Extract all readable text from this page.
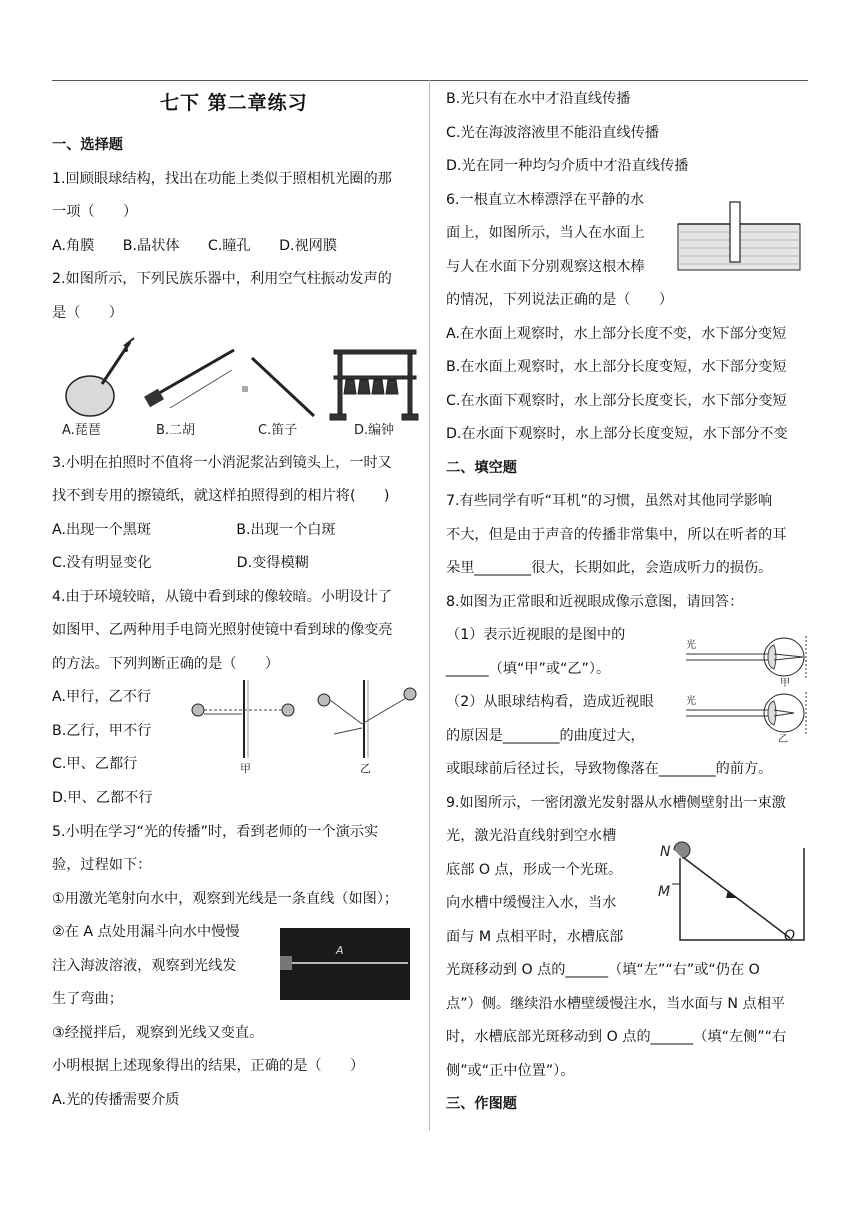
七下 第二章练习
一、选择题
1.回顾眼球结构，找出在功能上类似于照相机光圈的那
一项（　　）
A.角膜　　B.晶状体　　C.瞳孔　　D.视网膜
2.如图所示，下列民族乐器中，利用空气柱振动发声的
是（　　）
A.琵琶	B.二胡	C.笛子	D.编钟
3.小明在拍照时不值将一小消泥浆沾到镜头上，一时又
找不到专用的擦镜纸，就这样拍照得到的相片将(　　)
A.出现一个黑斑　　　　　　B.出现一个白斑
C.没有明显变化　　　　　　D.变得模糊
4.由于环境较暗，从镜中看到球的像较暗。小明设计了
如图甲、乙两种用手电筒光照射使镜中看到球的像变亮
的方法。下列判断正确的是（　　）
A.甲行，乙不行
B.乙行，甲不行
C.甲、乙都行
D.甲、乙都不行
甲	乙
5.小明在学习“光的传播”时，看到老师的一个演示实
验，过程如下：
①用激光笔射向水中，观察到光线是一条直线（如图）；
②在 A 点处用漏斗向水中慢慢
注入海波溶液，观察到光线发
生了弯曲；
A
③经搅拌后，观察到光线又变直。
小明根据上述现象得出的结果，正确的是（　　）
A.光的传播需要介质
B.光只有在水中才沿直线传播
C.光在海波溶液里不能沿直线传播
D.光在同一种均匀介质中才沿直线传播
6.一根直立木棒漂浮在平静的水
面上，如图所示，当人在水面上
与人在水面下分别观察这根木棒
的情况，下列说法正确的是（　　）
A.在水面上观察时，水上部分长度不变，水下部分变短
B.在水面上观察时，水上部分长度变短，水下部分变短
C.在水面下观察时，水上部分长度变长，水下部分变短
D.在水面下观察时，水上部分长度变短，水下部分不变
二、填空题
7.有些同学有听“耳机”的习惯，虽然对其他同学影响
不大，但是由于声音的传播非常集中，所以在听者的耳
朵里________很大，长期如此，会造成听力的损伤。
8.如图为正常眼和近视眼成像示意图，请回答：
（1）表示近视眼的是图中的
______（填“甲”或“乙”）。
（2）从眼球结构看，造成近视眼
的原因是________的曲度过大，
光
甲
光
乙
或眼球前后径过长，导致物像落在________的前方。
9.如图所示，一密闭激光发射器从水槽侧壁射出一束激
光，激光沿直线射到空水槽
底部 O 点，形成一个光斑。
向水槽中缓慢注入水，当水
面与 M 点相平时，水槽底部
N
M
O
光斑移动到 O 点的______（填“左”“右”或“仍在 O
点”）侧。继续沿水槽壁缓慢注水，当水面与 N 点相平
时，水槽底部光斑移动到 O 点的______（填“左侧”“右
侧”或“正中位置”）。
三、作图题
